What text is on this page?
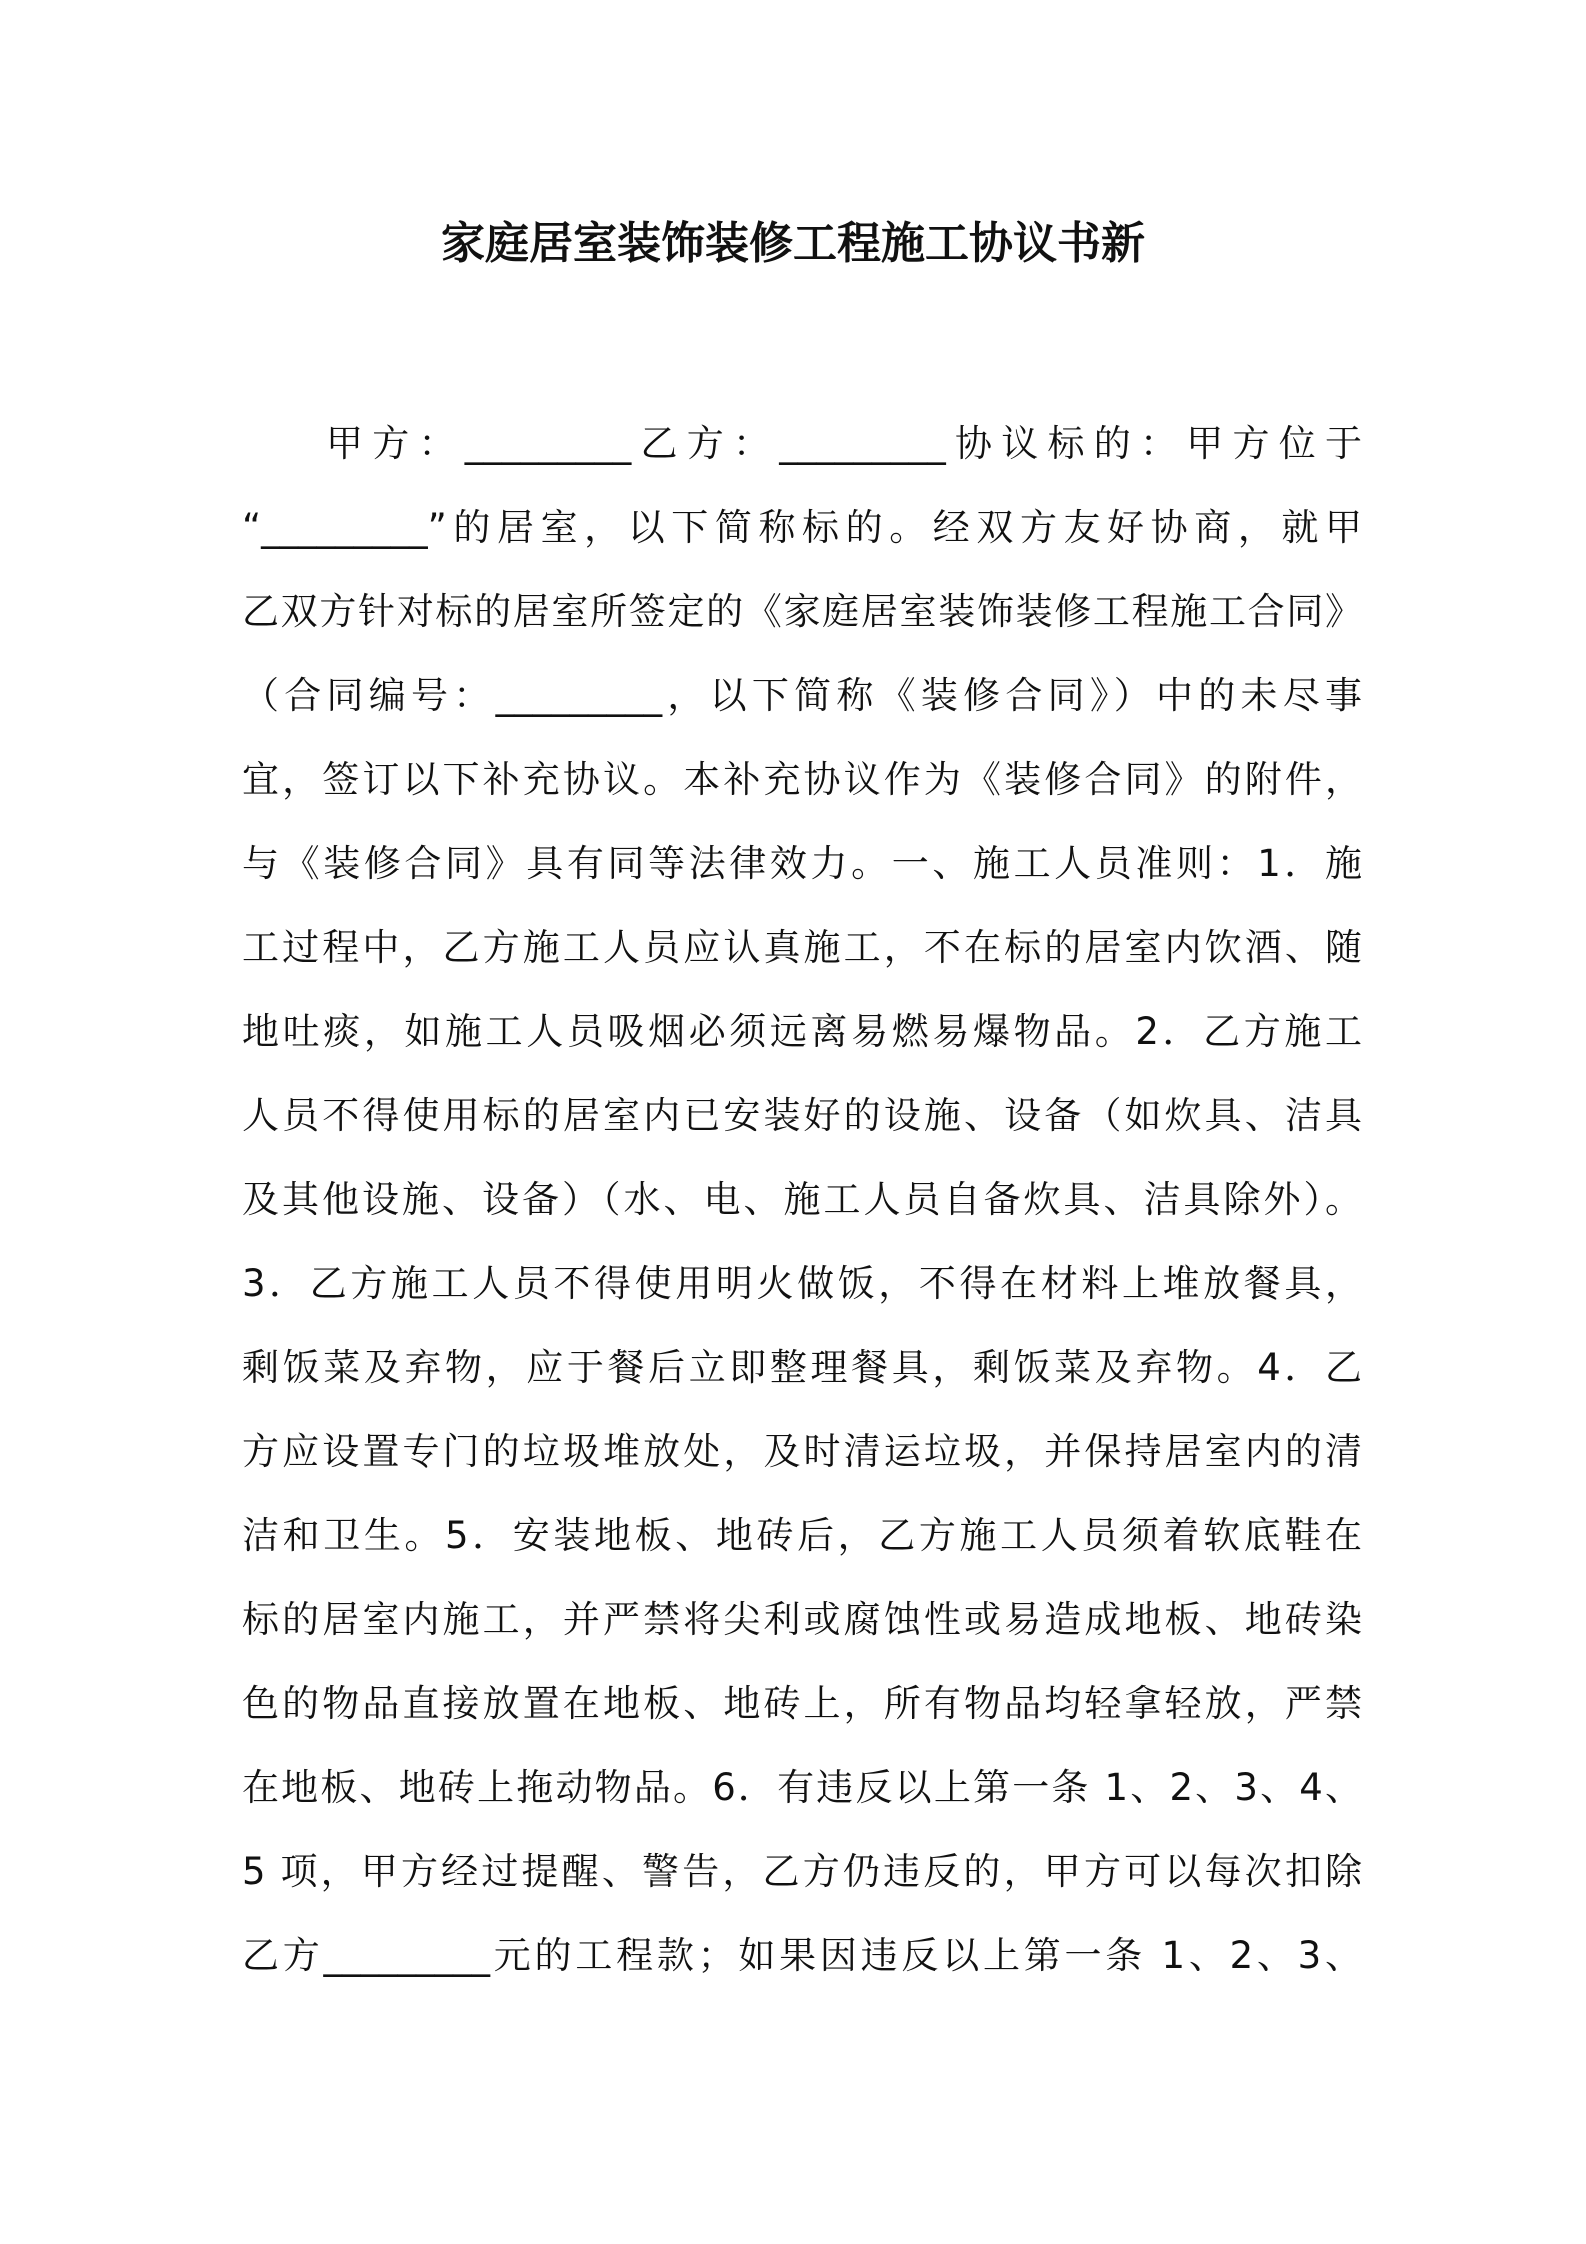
家庭居室装饰装修工程施工协议书新
甲方：_________乙方：_________协议标的：甲方位于
“_________”的居室，以下简称标的。经双方友好协商，就甲
乙双方针对标的居室所签定的《家庭居室装饰装修工程施工合同》
（合同编号：_________，以下简称《装修合同》）中的未尽事
宜，签订以下补充协议。本补充协议作为《装修合同》的附件，
与《装修合同》具有同等法律效力。一、施工人员准则：1．施
工过程中，乙方施工人员应认真施工，不在标的居室内饮酒、随
地吐痰，如施工人员吸烟必须远离易燃易爆物品。2．乙方施工
人员不得使用标的居室内已安装好的设施、设备（如炊具、洁具
及其他设施、设备）（水、电、施工人员自备炊具、洁具除外）。
3．乙方施工人员不得使用明火做饭，不得在材料上堆放餐具，
剩饭菜及弃物，应于餐后立即整理餐具，剩饭菜及弃物。4．乙
方应设置专门的垃圾堆放处，及时清运垃圾，并保持居室内的清
洁和卫生。5．安装地板、地砖后，乙方施工人员须着软底鞋在
标的居室内施工，并严禁将尖利或腐蚀性或易造成地板、地砖染
色的物品直接放置在地板、地砖上，所有物品均轻拿轻放，严禁
在地板、地砖上拖动物品。6．有违反以上第一条 1、2、3、4、
5 项，甲方经过提醒、警告，乙方仍违反的，甲方可以每次扣除
乙方_________元的工程款；如果因违反以上第一条 1、2、3、
